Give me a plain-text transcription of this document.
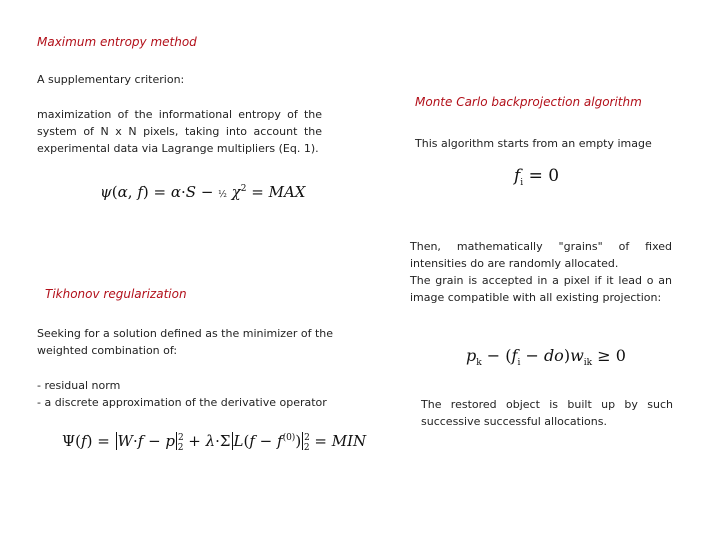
Maximum entropy method
A supplementary criterion:
maximization of the informational entropy of the system of N x N pixels, taking into account the experimental data via Lagrange multipliers (Eq. 1).
ψ(α, f) = α·S − ½ $\chi^2$ = MAX
Tikhonov regularization
Seeking for a solution defined as the minimizer of the weighted combination of:
- residual norm
- a discrete approximation of the derivative operator
Ψ(f) = W·f − p $^2_2$ + λ·Σ $L(f - f^{(0)})$ $^2_2$ = MIN
Monte Carlo backprojection algorithm
This algorithm starts from an empty image
$f_i = 0$
Then, mathematically "grains" of fixed intensities do are randomly allocated.
The grain is accepted in a pixel if it lead o an image compatible with all existing projection:
$p_k - (f_i - do)w_{ik} \ge 0$
The restored object is built up by such successive successful allocations.
